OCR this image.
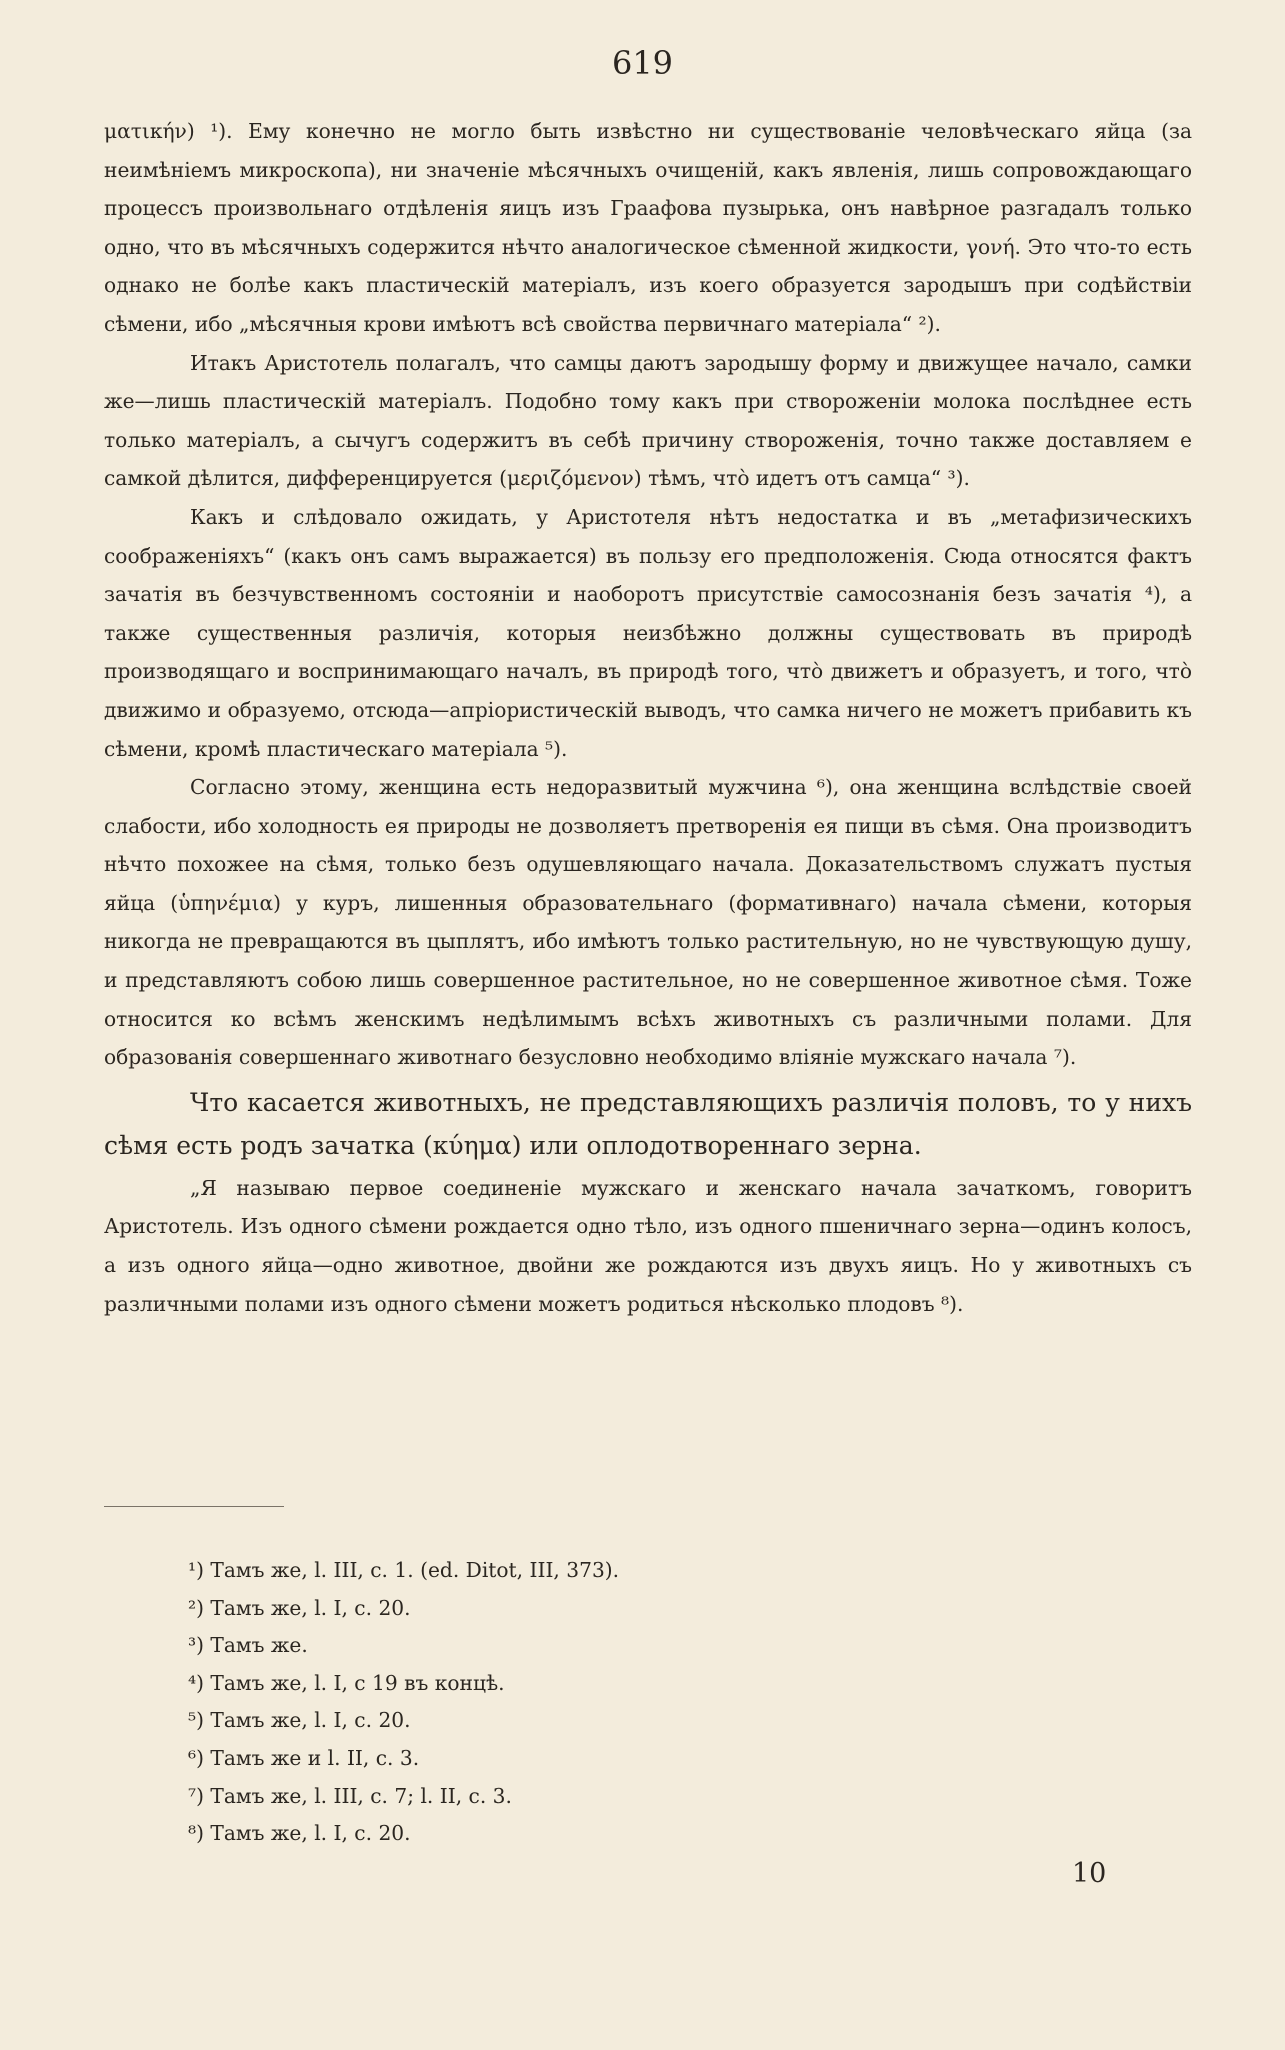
619

ματικήν) ¹). Ему конечно не могло быть извѣстно ни существованіе человѣческаго яйца (за неимѣніемъ микроскопа), ни значеніе мѣсячныхъ очищеній, какъ явленія, лишь сопровождающаго процессъ произвольнаго отдѣленія яицъ изъ Граафова пузырька, онъ навѣрное разгадалъ только одно, что въ мѣсячныхъ содержится нѣчто аналогическое сѣменной жидкости, γονή. Это что-то есть однако не болѣе какъ пластическій матеріалъ, изъ коего образуется зародышъ при содѣйствіи сѣмени, ибо „мѣсячныя крови имѣютъ всѣ свойства первичнаго матеріала“ ²).

Итакъ Аристотель полагалъ, что самцы даютъ зародышу форму и движущее начало, самки же—лишь пластическій матеріалъ. Подобно тому какъ при створоженіи молока послѣднее есть только матеріалъ, а сычугъ содержитъ въ себѣ причину створоженія, точно также доставляем е самкой дѣлится, дифференцируется (μεριζόμενον) тѣмъ, что̀ идетъ отъ самца“ ³).

Какъ и слѣдовало ожидать, у Аристотеля нѣтъ недостатка и въ „метафизическихъ соображеніяхъ“ (какъ онъ самъ выражается) въ пользу его предположенія. Сюда относятся фактъ зачатія въ безчувственномъ состояніи и наоборотъ присутствіе самосознанія безъ зачатія ⁴), а также существенныя различія, которыя неизбѣжно должны существовать въ природѣ производящаго и воспринимающаго началъ, въ природѣ того, что̀ движетъ и образуетъ, и того, что̀ движимо и образуемо, отсюда—апріористическій выводъ, что самка ничего не можетъ прибавить къ сѣмени, кромѣ пластическаго матеріала ⁵).

Согласно этому, женщина есть недоразвитый мужчина ⁶), она женщина вслѣдствіе своей слабости, ибо холодность ея природы не дозволяетъ претворенія ея пищи въ сѣмя. Она производитъ нѣчто похожее на сѣмя, только безъ одушевляющаго начала. Доказательствомъ служатъ пустыя яйца (ὑπηνέμια) у куръ, лишенныя образовательнаго (формативнаго) начала сѣмени, которыя никогда не превращаются въ цыплятъ, ибо имѣютъ только растительную, но не чувствующую душу, и представляютъ собою лишь совершенное растительное, но не совершенное животное сѣмя. Тоже относится ко всѣмъ женскимъ недѣлимымъ всѣхъ животныхъ съ различными полами. Для образованія совершеннаго животнаго безусловно необходимо вліяніе мужскаго начала ⁷).

Что касается животныхъ, не представляющихъ различія половъ, то у нихъ сѣмя есть родъ зачатка (κύημα) или оплодотвореннаго зерна.

„Я называю первое соединеніе мужскаго и женскаго начала зачаткомъ, говоритъ Аристотель. Изъ одного сѣмени рождается одно тѣло, изъ одного пшеничнаго зерна—одинъ колосъ, а изъ одного яйца—одно животное, двойни же рождаются изъ двухъ яицъ. Но у животныхъ съ различными полами изъ одного сѣмени можетъ родиться нѣсколько плодовъ ⁸).

¹) Тамъ же, l. III, c. 1. (ed. Ditot, III, 373).
²) Тамъ же, l. I, c. 20.
³) Тамъ же.
⁴) Тамъ же, l. I, c 19 въ концѣ.
⁵) Тамъ же, l. I, c. 20.
⁶) Тамъ же и l. II, c. 3.
⁷) Тамъ же, l. III, c. 7; l. II, c. 3.
⁸) Тамъ же, l. I, c. 20.
10
